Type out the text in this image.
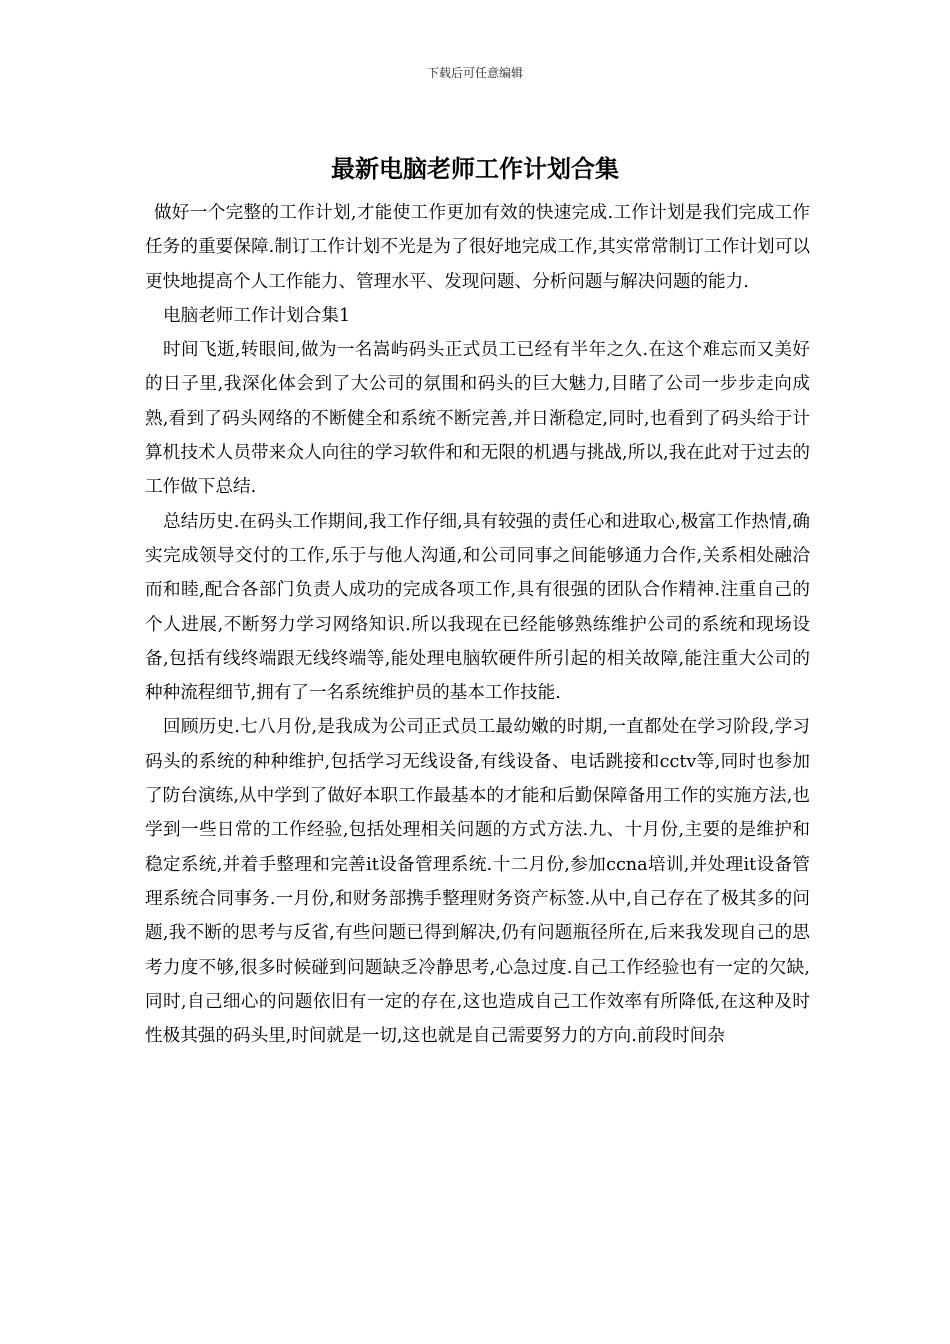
下载后可任意编辑
最新电脑老师工作计划合集

做好一个完整的工作计划,才能使工作更加有效的快速完成.工作计划是我们完成工作任务的重要保障.制订工作计划不光是为了很好地完成工作,其实常常制订工作计划可以更快地提高个人工作能力、管理水平、发现问题、分析问题与解决问题的能力.

电脑老师工作计划合集1

时间飞逝,转眼间,做为一名嵩屿码头正式员工已经有半年之久.在这个难忘而又美好的日子里,我深化体会到了大公司的氛围和码头的巨大魅力,目睹了公司一步步走向成熟,看到了码头网络的不断健全和系统不断完善,并日渐稳定,同时,也看到了码头给于计算机技术人员带来众人向往的学习软件和和无限的机遇与挑战,所以,我在此对于过去的工作做下总结.

总结历史.在码头工作期间,我工作仔细,具有较强的责任心和进取心,极富工作热情,确实完成领导交付的工作,乐于与他人沟通,和公司同事之间能够通力合作,关系相处融洽而和睦,配合各部门负责人成功的完成各项工作,具有很强的团队合作精神.注重自己的个人进展,不断努力学习网络知识.所以我现在已经能够熟练维护公司的系统和现场设备,包括有线终端跟无线终端等,能处理电脑软硬件所引起的相关故障,能注重大公司的种种流程细节,拥有了一名系统维护员的基本工作技能.

回顾历史.七八月份,是我成为公司正式员工最幼嫩的时期,一直都处在学习阶段,学习码头的系统的种种维护,包括学习无线设备,有线设备、电话跳接和cctv等,同时也参加了防台演练,从中学到了做好本职工作最基本的才能和后勤保障备用工作的实施方法,也学到一些日常的工作经验,包括处理相关问题的方式方法.九、十月份,主要的是维护和稳定系统,并着手整理和完善it设备管理系统.十二月份,参加ccna培训,并处理it设备管理系统合同事务.一月份,和财务部携手整理财务资产标签.从中,自己存在了极其多的问题,我不断的思考与反省,有些问题已得到解决,仍有问题瓶径所在,后来我发现自己的思考力度不够,很多时候碰到问题缺乏冷静思考,心急过度.自己工作经验也有一定的欠缺,同时,自己细心的问题依旧有一定的存在,这也造成自己工作效率有所降低,在这种及时性极其强的码头里,时间就是一切,这也就是自己需要努力的方向.前段时间杂
